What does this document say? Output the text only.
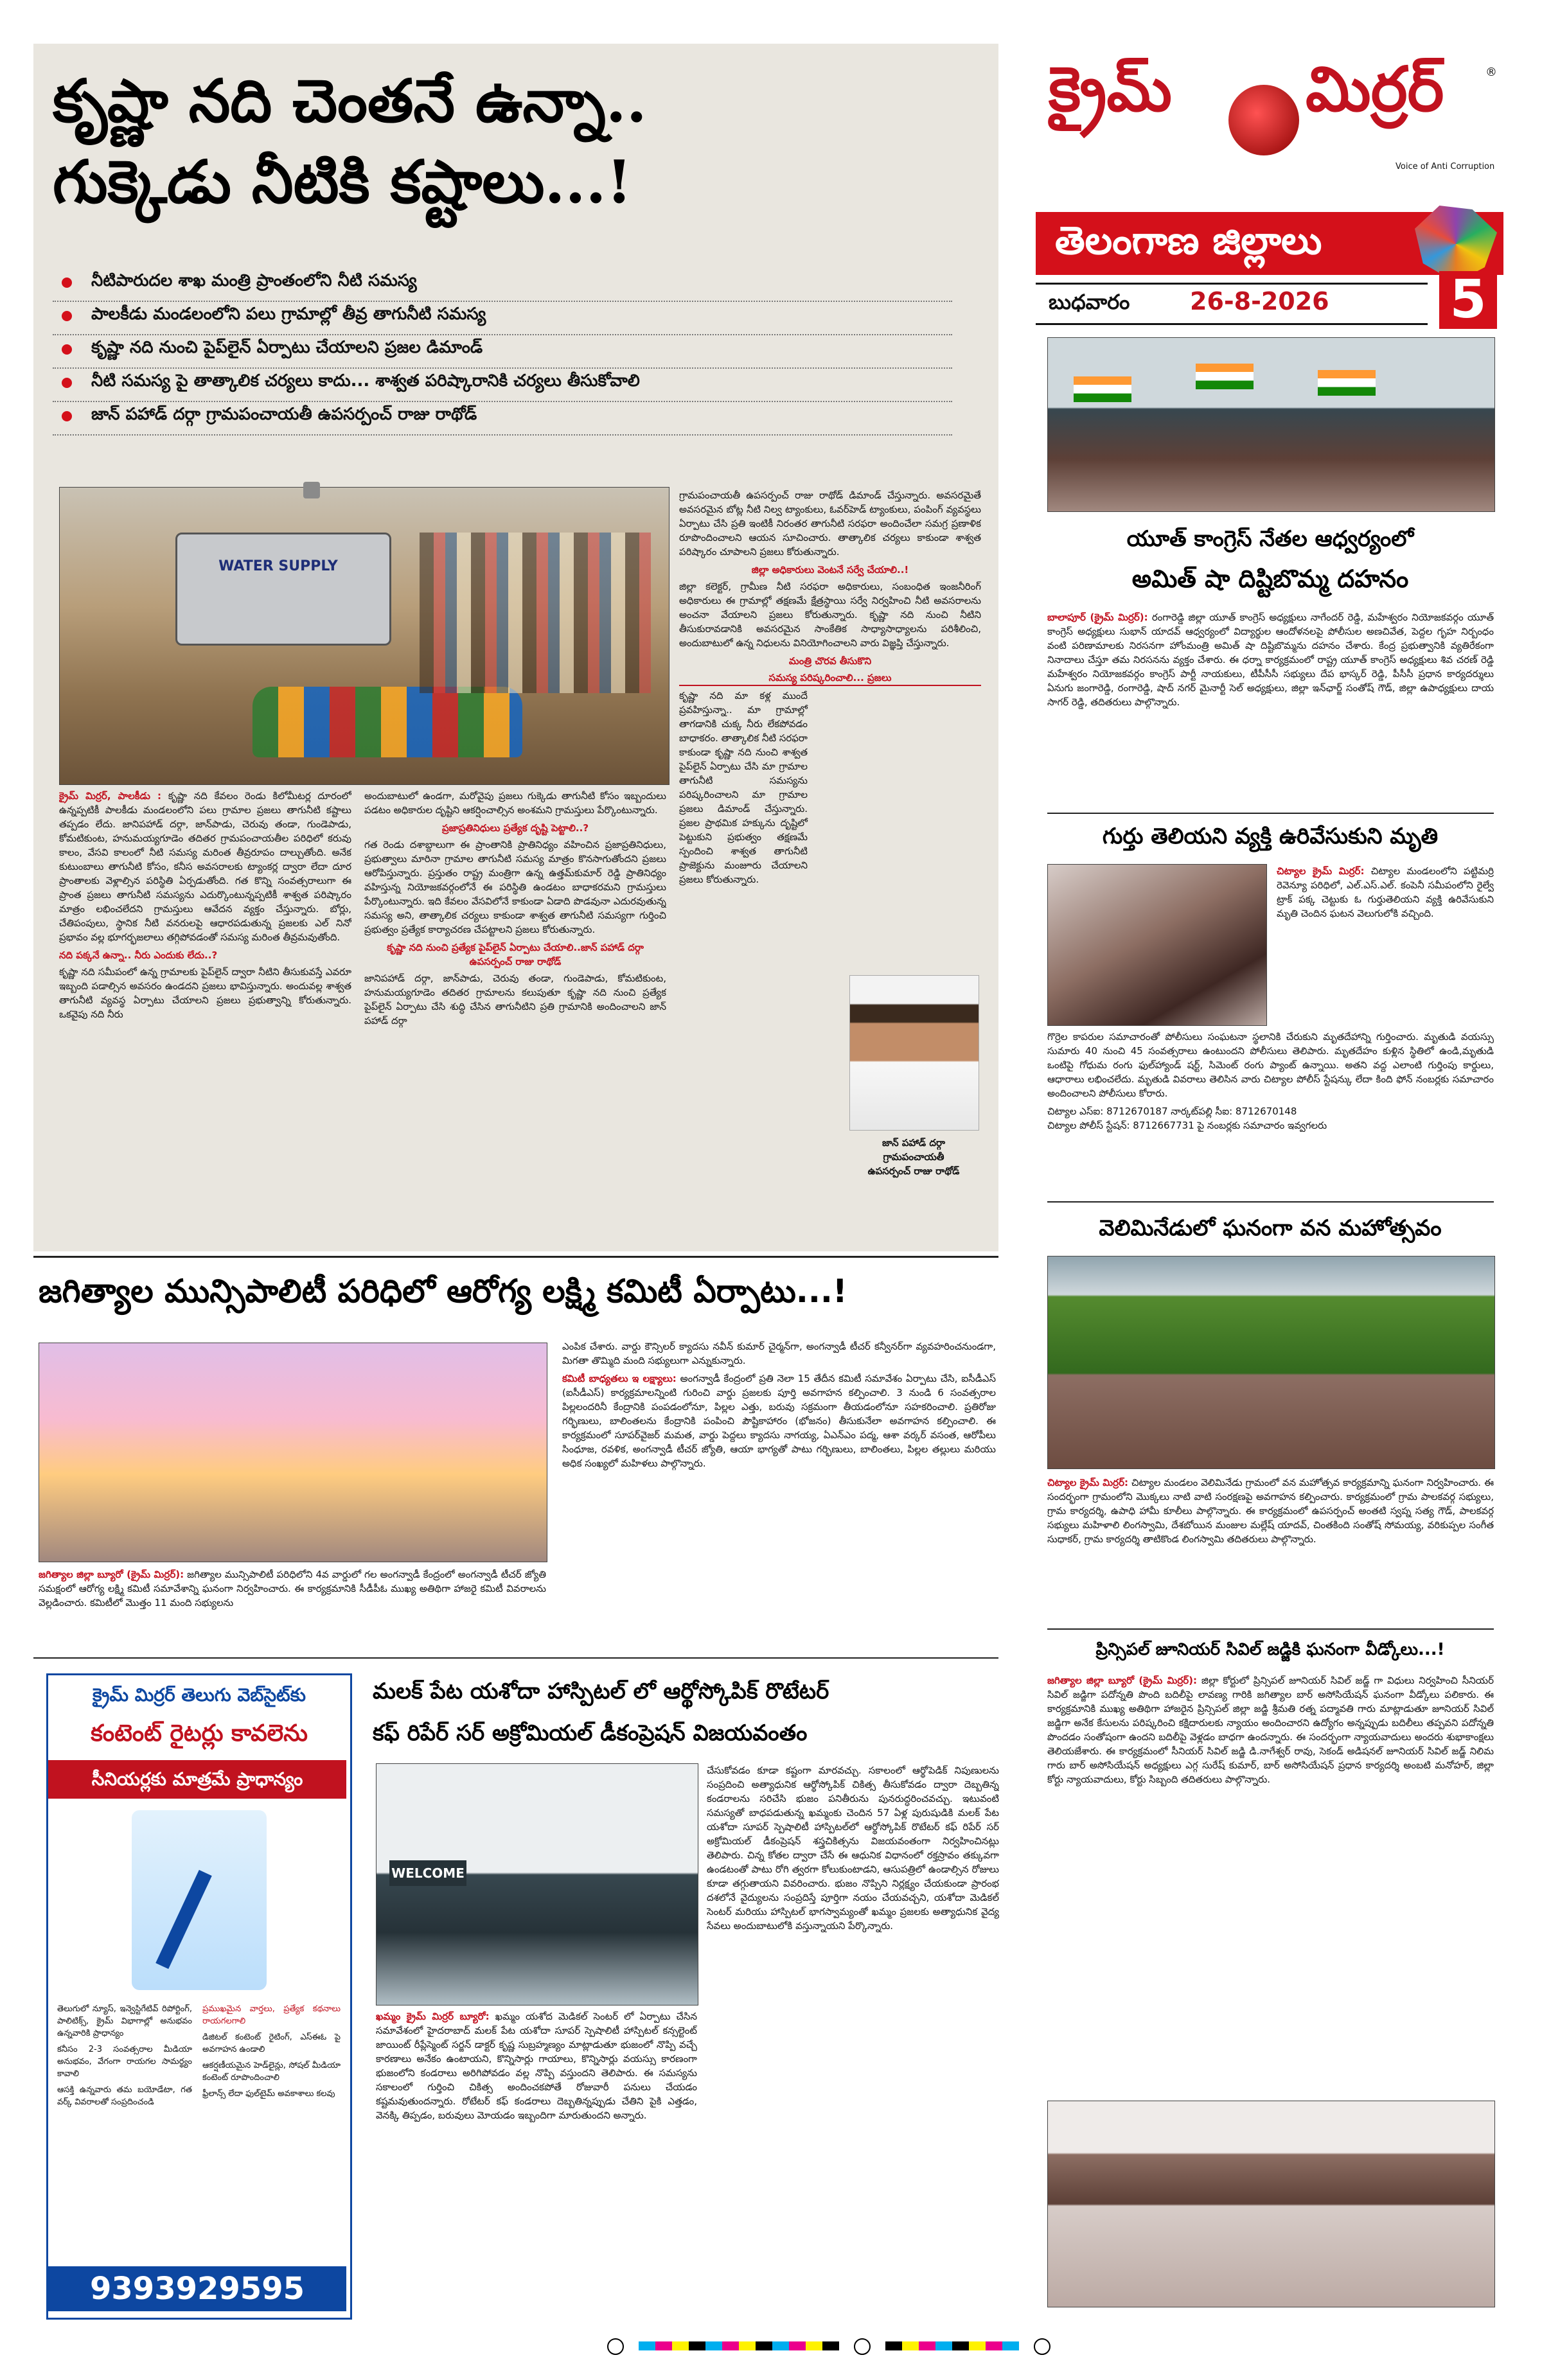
కృష్ణా నది చెంతనే ఉన్నా..
గుక్కెడు నీటికి కష్టాలు...!
నీటిపారుదల శాఖ మంత్రి ప్రాంతంలోని నీటి సమస్య
పాలకీడు మండలంలోని పలు గ్రామాల్లో తీవ్ర తాగునీటి సమస్య
కృష్ణా నది నుంచి పైప్‌లైన్ ఏర్పాటు చేయాలని ప్రజల డిమాండ్
నీటి సమస్య పై తాత్కాలిక చర్యలు కాదు... శాశ్వత పరిష్కారానికి చర్యలు తీసుకోవాలి
జాన్ పహాడ్ దర్గా గ్రామపంచాయతీ ఉపసర్పంచ్ రాజు రాథోడ్
WATER SUPPLY

గ్రామపంచాయతీ ఉపసర్పంచ్ రాజు రాథోడ్ డిమాండ్ చేస్తున్నారు. అవసరమైతే అవసరమైన బోట్ల నీటి నిల్వ ట్యాంకులు, ఓవర్‌హెడ్ ట్యాంకులు, పంపింగ్ వ్యవస్థలు ఏర్పాటు చేసి ప్రతి ఇంటికీ నిరంతర తాగునీటి సరఫరా అందించేలా సమగ్ర ప్రణాళిక రూపొందించాలని ఆయన సూచించారు. తాత్కాలిక చర్యలు కాకుండా శాశ్వత పరిష్కారం చూపాలని ప్రజలు కోరుతున్నారు.

జిల్లా అధికారులు వెంటనే సర్వే చేయాలి..!

జిల్లా కలెక్టర్, గ్రామీణ నీటి సరఫరా అధికారులు, సంబంధిత ఇంజనీరింగ్ అధికారులు ఈ గ్రామాల్లో తక్షణమే క్షేత్రస్థాయి సర్వే నిర్వహించి నీటి అవసరాలను అంచనా వేయాలని ప్రజలు కోరుతున్నారు. కృష్ణా నది నుంచి నీటిని తీసుకురావడానికి అవసరమైన సాంకేతిక సాధ్యాసాధ్యాలను పరిశీలించి, అందుబాటులో ఉన్న నిధులను వినియోగించాలని వారు విజ్ఞప్తి చేస్తున్నారు.

మంత్రి చొరవ తీసుకొని
సమస్య పరిష్కరించాలి... ప్రజలు

కృష్ణా నది మా కళ్ల ముందే ప్రవహిస్తున్నా.. మా గ్రామాల్లో తాగడానికి చుక్క నీరు లేకపోవడం బాధాకరం. తాత్కాలిక నీటి సరఫరా కాకుండా కృష్ణా నది నుంచి శాశ్వత పైప్‌లైన్ ఏర్పాటు చేసి మా గ్రామాల తాగునీటి సమస్యను పరిష్కరించాలని మా గ్రామాల ప్రజలు డిమాండ్ చేస్తున్నారు. ప్రజల ప్రాథమిక హక్కును దృష్టిలో పెట్టుకుని ప్రభుత్వం తక్షణమే స్పందించి శాశ్వత తాగునీటి ప్రాజెక్టును మంజూరు చేయాలని ప్రజలు కోరుతున్నారు.

జాన్ పహాడ్ దర్గా
గ్రామపంచాయతీ
ఉపసర్పంచ్ రాజు రాథోడ్

క్రైమ్ మిర్రర్, పాలకీడు : కృష్ణా నది కేవలం రెండు కిలోమీటర్ల దూరంలో ఉన్నప్పటికీ పాలకీడు మండలంలోని పలు గ్రామాల ప్రజలు తాగునీటి కష్టాలు తప్పడం లేదు. జానిపహాడ్ దర్గా, జాన్‌పాడు, చెరువు తండా, గుండెపాడు, కోమటికుంట, హనుమయ్యగూడెం తదితర గ్రామపంచాయతీల పరిధిలో కరువు కాలం, వేసవి కాలంలో నీటి సమస్య మరింత తీవ్రరూపం దాల్చుతోంది. అనేక కుటుంబాలు తాగునీటి కోసం, కనీస అవసరాలకు ట్యాంకర్ల ద్వారా లేదా దూర ప్రాంతాలకు వెళ్లాల్సిన పరిస్థితి ఏర్పడుతోంది. గత కొన్ని సంవత్సరాలుగా ఈ ప్రాంత ప్రజలు తాగునీటి సమస్యను ఎదుర్కొంటున్నప్పటికీ శాశ్వత పరిష్కారం మాత్రం లభించలేదని గ్రామస్తులు ఆవేదన వ్యక్తం చేస్తున్నారు. బోర్లు, చేతిపంపులు, స్థానిక నీటి వనరులపై ఆధారపడుతున్న ప్రజలకు ఎల్ నినో ప్రభావం వల్ల భూగర్భజలాలు తగ్గిపోవడంతో సమస్య మరింత తీవ్రమవుతోంది.

నది పక్కనే ఉన్నా.. నీరు ఎందుకు లేదు..?

కృష్ణా నది సమీపంలో ఉన్న గ్రామాలకు పైప్‌లైన్ ద్వారా నీటిని తీసుకువస్తే ఎవరూ ఇబ్బంది పడాల్సిన అవసరం ఉండదని ప్రజలు భావిస్తున్నారు. అందువల్ల శాశ్వత తాగునీటి వ్యవస్థ ఏర్పాటు చేయాలని ప్రజలు ప్రభుత్వాన్ని కోరుతున్నారు. ఒకవైపు నది నీరు

అందుబాటులో ఉండగా, మరోవైపు ప్రజలు గుక్కెడు తాగునీటి కోసం ఇబ్బందులు పడటం అధికారుల దృష్టిని ఆకర్షించాల్సిన అంశమని గ్రామస్తులు పేర్కొంటున్నారు.

ప్రజాప్రతినిధులు ప్రత్యేక దృష్టి పెట్టాలి..?

గత రెండు దశాబ్దాలుగా ఈ ప్రాంతానికి ప్రాతినిధ్యం వహించిన ప్రజాప్రతినిధులు, ప్రభుత్వాలు మారినా గ్రామాల తాగునీటి సమస్య మాత్రం కొనసాగుతోందని ప్రజలు ఆరోపిస్తున్నారు. ప్రస్తుతం రాష్ట్ర మంత్రిగా ఉన్న ఉత్తమ్‌కుమార్ రెడ్డి ప్రాతినిధ్యం వహిస్తున్న నియోజకవర్గంలోనే ఈ పరిస్థితి ఉండటం బాధాకరమని గ్రామస్తులు పేర్కొంటున్నారు. ఇది కేవలం వేసవిలోనే కాకుండా ఏడాది పొడవునా ఎదురవుతున్న సమస్య అని, తాత్కాలిక చర్యలు కాకుండా శాశ్వత తాగునీటి సమస్యగా గుర్తించి ప్రభుత్వం ప్రత్యేక కార్యాచరణ చేపట్టాలని ప్రజలు కోరుతున్నారు.

కృష్ణా నది నుంచి ప్రత్యేక పైప్‌లైన్ ఏర్పాటు చేయాలి..జాన్ పహాడ్ దర్గా ఉపసర్పంచ్ రాజు రాథోడ్

జానిపహాడ్ దర్గా, జాన్‌పాడు, చెరువు తండా, గుండెపాడు, కోమటికుంట, హనుమయ్యగూడెం తదితర గ్రామాలను కలుపుతూ కృష్ణా నది నుంచి ప్రత్యేక పైప్‌లైన్ ఏర్పాటు చేసి శుద్ధి చేసిన తాగునీటిని ప్రతి గ్రామానికి అందించాలని జాన్ పహాడ్ దర్గా

క్రైమ్ మిర్రర్	®
Voice of Anti Corruption
తెలంగాణ జిల్లాలు
బుధవారం 26-8-2026 5
యూత్ కాంగ్రెస్ నేతల ఆధ్వర్యంలో
అమిత్ షా దిష్టిబొమ్మ దహనం

బాలాపూర్ (క్రైమ్ మిర్రర్): రంగారెడ్డి జిల్లా యూత్ కాంగ్రెస్ అధ్యక్షులు నాగేందర్ రెడ్డి, మహేశ్వరం నియోజకవర్గం యూత్ కాంగ్రెస్ అధ్యక్షులు సుభాన్ యాదవ్ ఆధ్వర్యంలో విద్యార్థుల ఆందోళనలపై పోలీసుల అణచివేత, పెద్దల గృహ నిర్బంధం వంటి పరిణామాలకు నిరసనగా హోంమంత్రి అమిత్ షా దిష్టిబొమ్మను దహనం చేశారు. కేంద్ర ప్రభుత్వానికి వ్యతిరేకంగా నినాదాలు చేస్తూ తమ నిరసనను వ్యక్తం చేశారు. ఈ ధర్నా కార్యక్రమంలో రాష్ట్ర యూత్ కాంగ్రెస్ అధ్యక్షులు శివ చరణ్ రెడ్డి మహేశ్వరం నియోజకవర్గం కాంగ్రెస్ పార్టీ నాయకులు, టీపీసీసీ సభ్యులు దేప భాస్కర్ రెడ్డి, పీసీసీ ప్రధాన కార్యదర్శులు ఏనుగు జంగారెడ్డి, రంగారెడ్డి, షాద్ నగర్ మైనార్టీ సెల్ అధ్యక్షులు, జిల్లా ఇన్‌ఛార్జ్ సంతోష్ గౌడ్, జిల్లా ఉపాధ్యక్షులు దాయ సాగర్ రెడ్డి, తదితరులు పాల్గొన్నారు.

గుర్తు తెలియని వ్యక్తి ఉరివేసుకుని మృతి

చిట్యాల క్రైమ్ మిర్రర్: చిట్యాల మండలంలోని పట్టిమర్రి రెవెన్యూ పరిధిలో, ఎల్.ఎస్.ఎల్. కంపెనీ సమీపంలోని రైల్వే ట్రాక్ పక్క చెట్టుకు ఓ గుర్తుతెలియని వ్యక్తి ఉరివేసుకుని మృతి చెందిన ఘటన వెలుగులోకి వచ్చింది.

గొర్రెల కాపరుల సమాచారంతో పోలీసులు సంఘటనా స్థలానికి చేరుకుని మృతదేహాన్ని గుర్తించారు. మృతుడి వయస్సు సుమారు 40 నుంచి 45 సంవత్సరాలు ఉంటుందని పోలీసులు తెలిపారు. మృతదేహం కుళ్లిన స్థితిలో ఉండి,మృతుడి ఒంటిపై గోధుమ రంగు ఫుల్‌హ్యాండ్ షర్ట్, సిమెంట్ రంగు ప్యాంట్ ఉన్నాయి. అతని వద్ద ఎలాంటి గుర్తింపు కార్డులు, ఆధారాలు లభించలేదు. మృతుడి వివరాలు తెలిసిన వారు చిట్యాల పోలీస్ స్టేషన్కు లేదా కింది ఫోన్ నంబర్లకు సమాచారం అందించాలని పోలీసులు కోరారు.

చిట్యాల ఎస్ఐ: 8712670187 నార్కట్‌పల్లి సీఐ: 8712670148

చిట్యాల పోలీస్ స్టేషన్: 8712667731 పై నంబర్లకు సమాచారం ఇవ్వగలరు

వెలిమినేడులో ఘనంగా వన మహోత్సవం

చిట్యాల క్రైమ్ మిర్రర్: చిట్యాల మండలం వెలిమినేడు గ్రామంలో వన మహోత్సవ కార్యక్రమాన్ని ఘనంగా నిర్వహించారు. ఈ సందర్భంగా గ్రామంలోని మొక్కలు నాటి వాటి సంరక్షణపై అవగాహన కల్పించారు. కార్యక్రమంలో గ్రామ పాలకవర్గ సభ్యులు, గ్రామ కార్యదర్శి, ఉపాధి హామీ కూలీలు పాల్గొన్నారు. ఈ కార్యక్రమంలో ఉపసర్పంచ్ అంతటి స్వప్న సత్య గౌడ్, పాలకవర్గ సభ్యులు మహిళాలి లింగస్వామి, దేశబోయిన మంజుల మల్లేష్ యాదవ్, చింతకింది సంతోష్ సోమయ్య, వరికుప్పల సంగీత సుధాకర్, గ్రామ కార్యదర్శి తాటికొండ లింగస్వామి తదితరులు పాల్గొన్నారు.

ప్రిన్సిపల్ జూనియర్ సివిల్ జడ్జికి ఘనంగా వీడ్కోలు...!

జగిత్యాల జిల్లా బ్యూరో (క్రైమ్ మిర్రర్): జిల్లా కోర్టులో ప్రిన్సిపల్ జూనియర్ సివిల్ జడ్జ్ గా విధులు నిర్వహించి సీనియర్ సివిల్ జడ్జిగా పదోన్నతి పొంది బదిలీపై లావణ్య గారికి జగిత్యాల బార్ అసోసియేషన్ ఘనంగా వీడ్కోలు పలికారు. ఈ కార్యక్రమానికి ముఖ్య అతిథిగా హాజరైన ప్రిన్సిపల్ జిల్లా జడ్జి శ్రీమతి రత్న పద్మావతి గారు మాట్లాడుతూ జూనియర్ సివిల్ జడ్జిగా అనేక కేసులను పరిష్కరించి కక్షిదారులకు న్యాయం అందించారని ఉద్యోగం అన్నప్పుడు బదిలీలు తప్పవని పదోన్నతి పొందడం సంతోషంగా ఉందని బదిలీపై వెళ్లడం బాధగా ఉందన్నారు. ఈ సందర్భంగా న్యాయవాదులు అందరు శుభాకాంక్షలు తెలియజేశారు. ఈ కార్యక్రమంలో సీనియర్ సివిల్ జడ్జి డి.నాగేశ్వర్ రావు, సెకండ్ అడిషనల్ జూనియర్ సివిల్ జడ్జ్ నిలిమ గారు బార్ అసోసియేషన్ అధ్యక్షులు ఎగ్గ సురేష్ కుమార్, బార్ అసోసియేషన్ ప్రధాన కార్యదర్శి అంబటి మనోహర్, జిల్లా కోర్టు న్యాయవాదులు, కోర్టు సిబ్బంది తదితరులు పాల్గొన్నారు.

జగిత్యాల మున్సిపాలిటీ పరిధిలో ఆరోగ్య లక్ష్మి కమిటీ ఏర్పాటు...!

జగిత్యాల జిల్లా బ్యూరో (క్రైమ్ మిర్రర్): జగిత్యాల మున్సిపాలిటీ పరిధిలోని 4వ వార్డులో గల అంగన్వాడీ కేంద్రంలో అంగన్వాడీ టీచర్ జ్యోతి సమక్షంలో ఆరోగ్య లక్ష్మి కమిటీ సమావేశాన్ని ఘనంగా నిర్వహించారు. ఈ కార్యక్రమానికి సీడీపీఓ ముఖ్య అతిథిగా హాజరై కమిటీ వివరాలను వెల్లడించారు. కమిటీలో మొత్తం 11 మంది సభ్యులను

ఎంపిక చేశారు. వార్డు కౌన్సిలర్ క్యాదసు నవీన్ కుమార్ చైర్మన్‌గా, అంగన్వాడీ టీచర్ కన్వీనర్‌గా వ్యవహరించనుండగా, మిగతా తొమ్మిది మంది సభ్యులుగా ఎన్నుకున్నారు.

కమిటీ బాధ్యతలు ఇ లక్ష్యాలు: అంగన్వాడీ కేంద్రంలో ప్రతి నెలా 15 తేదీన కమిటీ సమావేశం ఏర్పాటు చేసి, ఐసీడీఎస్ (ఐసీడీఎస్) కార్యక్రమాలన్నింటి గురించి వార్డు ప్రజలకు పూర్తి అవగాహన కల్పించాలి. 3 నుండి 6 సంవత్సరాల పిల్లలందరినీ కేంద్రానికి పంపడంలోనూ, పిల్లల ఎత్తు, బరువు సక్రమంగా తీయడంలోనూ సహకరించాలి. ప్రతిరోజు గర్భిణులు, బాలింతలను కేంద్రానికి పంపించి పౌష్టికాహారం (భోజనం) తీసుకునేలా అవగాహన కల్పించాలి. ఈ కార్యక్రమంలో సూపర్‌వైజర్ మమత, వార్డు పెద్దలు క్యాదసు నాగయ్య, ఏఎన్ఎం పద్మ, ఆశా వర్కర్ వసంత, ఆరోపీలు సింధూజ, రవళిక, అంగన్వాడీ టీచర్ జ్యోతి, ఆయా భాగ్యతో పాటు గర్భిణులు, బాలింతలు, పిల్లల తల్లులు మరియు అధిక సంఖ్యలో మహిళలు పాల్గొన్నారు.

క్రైమ్ మిర్రర్ తెలుగు వెబ్‌సైట్‌కు
కంటెంట్ రైటర్లు కావలెను
సీనియర్లకు మాత్రమే ప్రాధాన్యం

తెలుగులో న్యూస్, ఇన్వెస్టిగేటివ్ రిపోర్టింగ్, పాలిటిక్స్, క్రైమ్ విభాగాల్లో అనుభవం ఉన్నవారికి ప్రాధాన్యం

కనీసం 2-3 సంవత్సరాల మీడియా అనుభవం, వేగంగా రాయగల సామర్థ్యం కావాలి

ఆసక్తి ఉన్నవారు తమ బయోడేటా, గత వర్క్ వివరాలతో సంప్రదించండి

ప్రముఖమైన వార్తలు, ప్రత్యేక కథనాలు రాయగలగాలి

డిజిటల్ కంటెంట్ రైటింగ్, ఎస్ఈఓ పై అవగాహన ఉండాలి

ఆకర్షణీయమైన హెడ్‌లైన్లు, సోషల్ మీడియా కంటెంట్ రూపొందించాలి

ఫ్రీలాన్స్ లేదా ఫుల్‌టైమ్ అవకాశాలు కలవు

9393929595
మలక్ పేట యశోదా హాస్పిటల్ లో ఆర్థోస్కోపిక్ రొటేటర్
కఫ్ రిపేర్ సర్ అక్రోమియల్ డీకంప్రెషన్ విజయవంతం
WELCOME

ఖమ్మం క్రైమ్ మిర్రర్ బ్యూరో: ఖమ్మం యశోద మెడికల్ సెంటర్ లో ఏర్పాటు చేసిన సమావేశంలో హైదరాబాద్ మలక్ పేట యశోదా సూపర్ స్పెషాలిటీ హాస్పిటల్ కన్సల్టెంట్ జాయింట్ రీప్లేస్మెంట్ సర్జన్ డాక్టర్ కృష్ణ సుబ్రహ్మణ్యం మాట్లాడుతూ భుజంలో నొప్పి వచ్చే కారణాలు అనేకం ఉంటాయని, కొన్నిసార్లు గాయాలు, కొన్నిసార్లు వయస్సు కారణంగా భుజంలోని కండరాలు అరిగిపోవడం వల్ల నొప్పి వస్తుందని తెలిపారు. ఈ సమస్యను సకాలంలో గుర్తించి చికిత్స అందించకపోతే రోజువారీ పనులు చేయడం కష్టమవుతుందన్నారు. రోటేటర్ కఫ్ కండరాలు దెబ్బతిన్నప్పుడు చేతిని పైకి ఎత్తడం, వెనక్కి తిప్పడం, బరువులు మోయడం ఇబ్బందిగా మారుతుందని అన్నారు.

చేసుకోవడం కూడా కష్టంగా మారవచ్చు. సకాలంలో ఆర్థోపెడిక్ నిపుణులను సంప్రదించి అత్యాధునిక ఆర్థోస్కోపిక్ చికిత్స తీసుకోవడం ద్వారా దెబ్బతిన్న కండరాలను సరిచేసి భుజం పనితీరును పునరుద్ధరించవచ్చు. ఇటువంటి సమస్యతో బాధపడుతున్న ఖమ్మంకు చెందిన 57 ఏళ్ల పురుషుడికి మలక్ పేట యశోదా సూపర్ స్పెషాలిటీ హాస్పిటల్‌లో ఆర్థోస్కోపిక్ రొటేటర్ కఫ్ రిపేర్ సర్ అక్రోమియల్ డీకంప్రెషన్ శస్త్రచికిత్సను విజయవంతంగా నిర్వహించినట్లు తెలిపారు. చిన్న కోతల ద్వారా చేసే ఈ ఆధునిక విధానంలో రక్తస్రావం తక్కువగా ఉండటంతో పాటు రోగి త్వరగా కోలుకుంటాడని, ఆసుపత్రిలో ఉండాల్సిన రోజులు కూడా తగ్గుతాయని వివరించారు. భుజం నొప్పిని నిర్లక్ష్యం చేయకుండా ప్రారంభ దశలోనే వైద్యులను సంప్రదిస్తే పూర్తిగా నయం చేయవచ్చని, యశోదా మెడికల్ సెంటర్ మరియు హాస్పిటల్ భాగస్వామ్యంతో ఖమ్మం ప్రజలకు అత్యాధునిక వైద్య సేవలు అందుబాటులోకి వస్తున్నాయని పేర్కొన్నారు.
